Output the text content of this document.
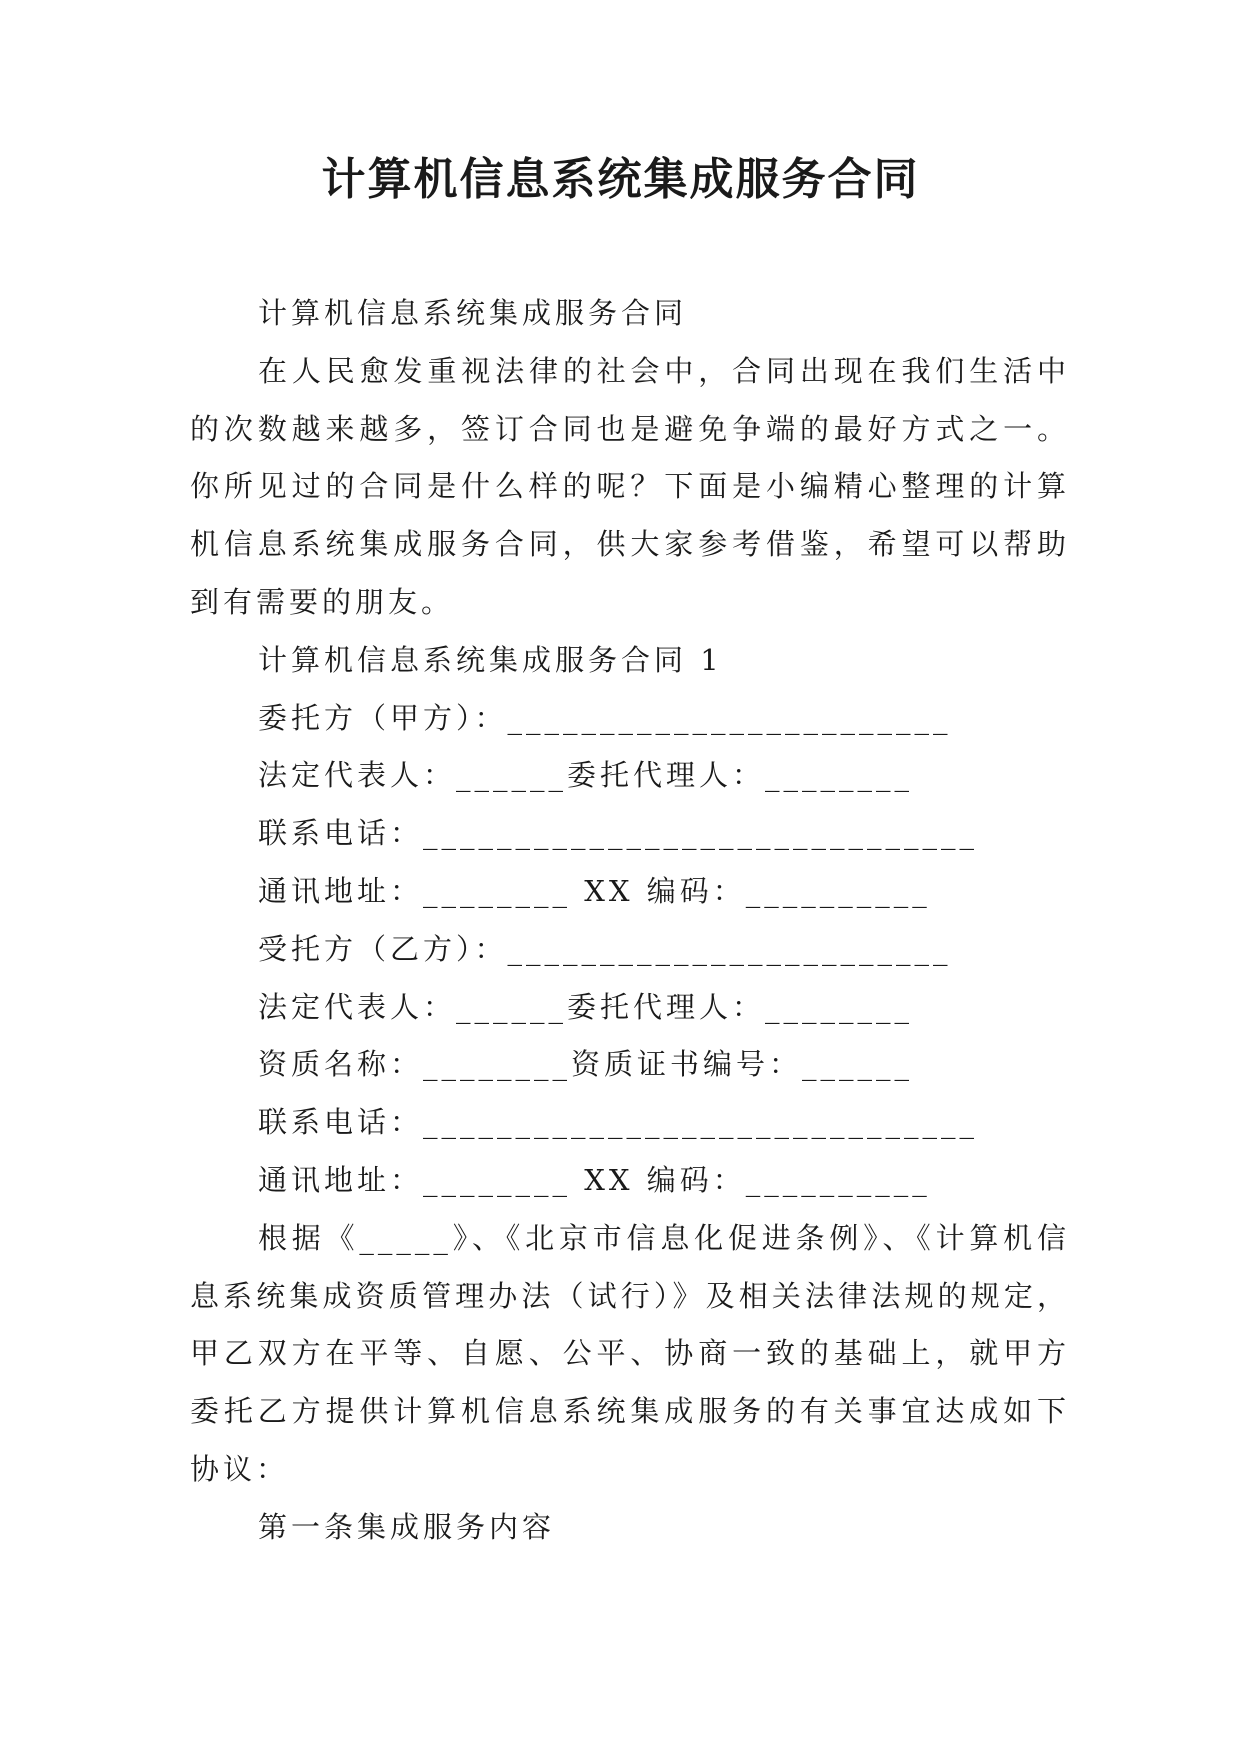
计算机信息系统集成服务合同

计算机信息系统集成服务合同

在人民愈发重视法律的社会中，合同出现在我们生活中的次数越来越多，签订合同也是避免争端的最好方式之一。你所见过的合同是什么样的呢？下面是小编精心整理的计算机信息系统集成服务合同，供大家参考借鉴，希望可以帮助到有需要的朋友。

计算机信息系统集成服务合同 1

委托方（甲方）：________________________

法定代表人：______委托代理人：________

联系电话：______________________________

通讯地址：________ XX 编码：__________

受托方（乙方）：________________________

法定代表人：______委托代理人：________

资质名称：________资质证书编号：______

联系电话：______________________________

通讯地址：________ XX 编码：__________

根据《_____》、《北京市信息化促进条例》、《计算机信息系统集成资质管理办法（试行）》及相关法律法规的规定，甲乙双方在平等、自愿、公平、协商一致的基础上，就甲方委托乙方提供计算机信息系统集成服务的有关事宜达成如下协议：

第一条集成服务内容
